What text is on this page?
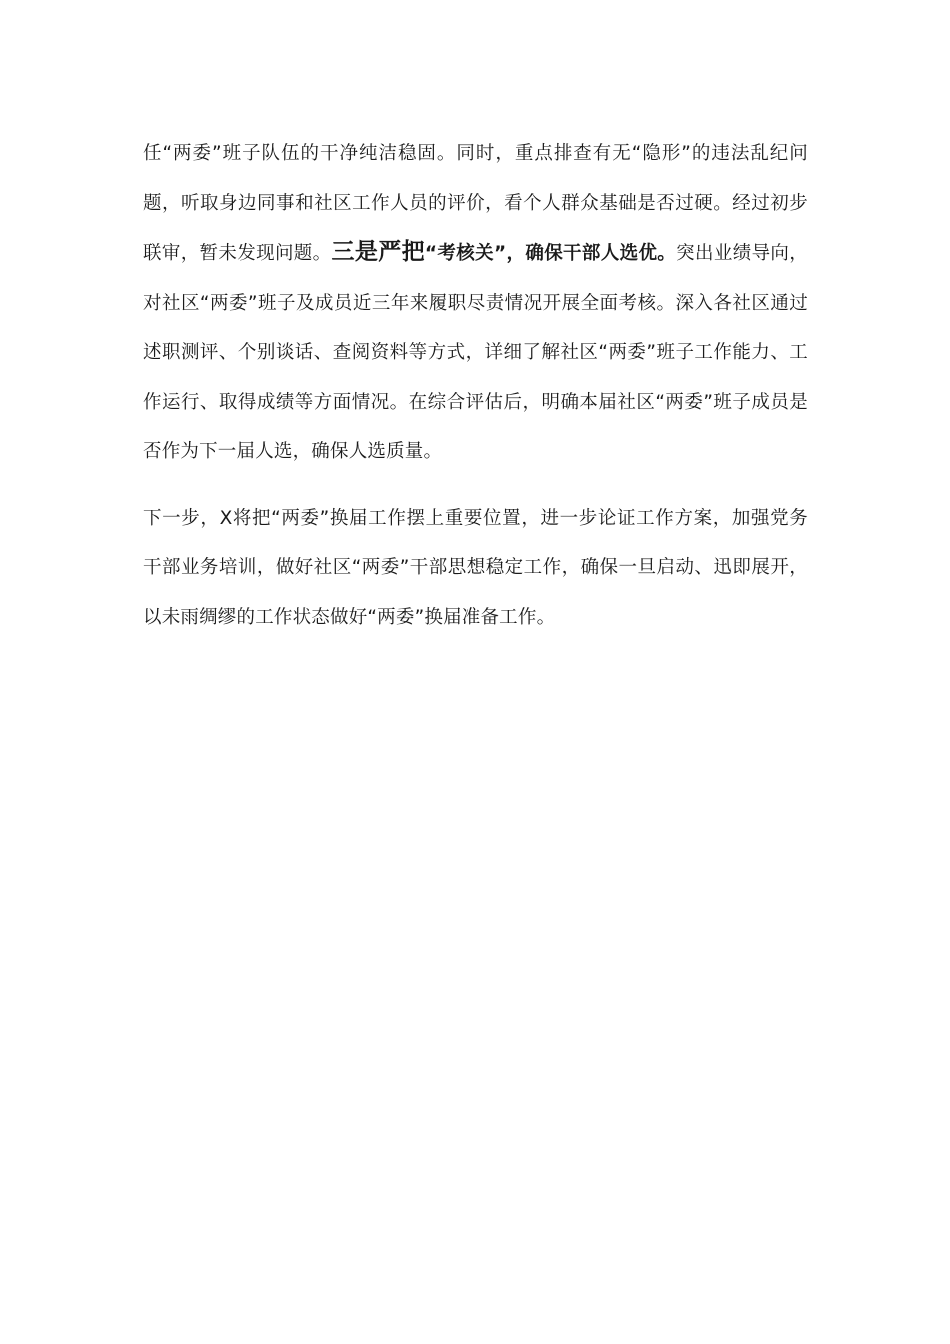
任“两委”班子队伍的干净纯洁稳固。同时，重点排查有无“隐形”的违法乱纪问题，听取身边同事和社区工作人员的评价，看个人群众基础是否过硬。经过初步联审，暂未发现问题。三是严把“考核关”，确保干部人选优。突出业绩导向，对社区“两委”班子及成员近三年来履职尽责情况开展全面考核。深入各社区通过述职测评、个别谈话、查阅资料等方式，详细了解社区“两委”班子工作能力、工作运行、取得成绩等方面情况。在综合评估后，明确本届社区“两委”班子成员是否作为下一届人选，确保人选质量。

下一步，X将把“两委”换届工作摆上重要位置，进一步论证工作方案，加强党务干部业务培训，做好社区“两委”干部思想稳定工作，确保一旦启动、迅即展开，以未雨绸缪的工作状态做好“两委”换届准备工作。
